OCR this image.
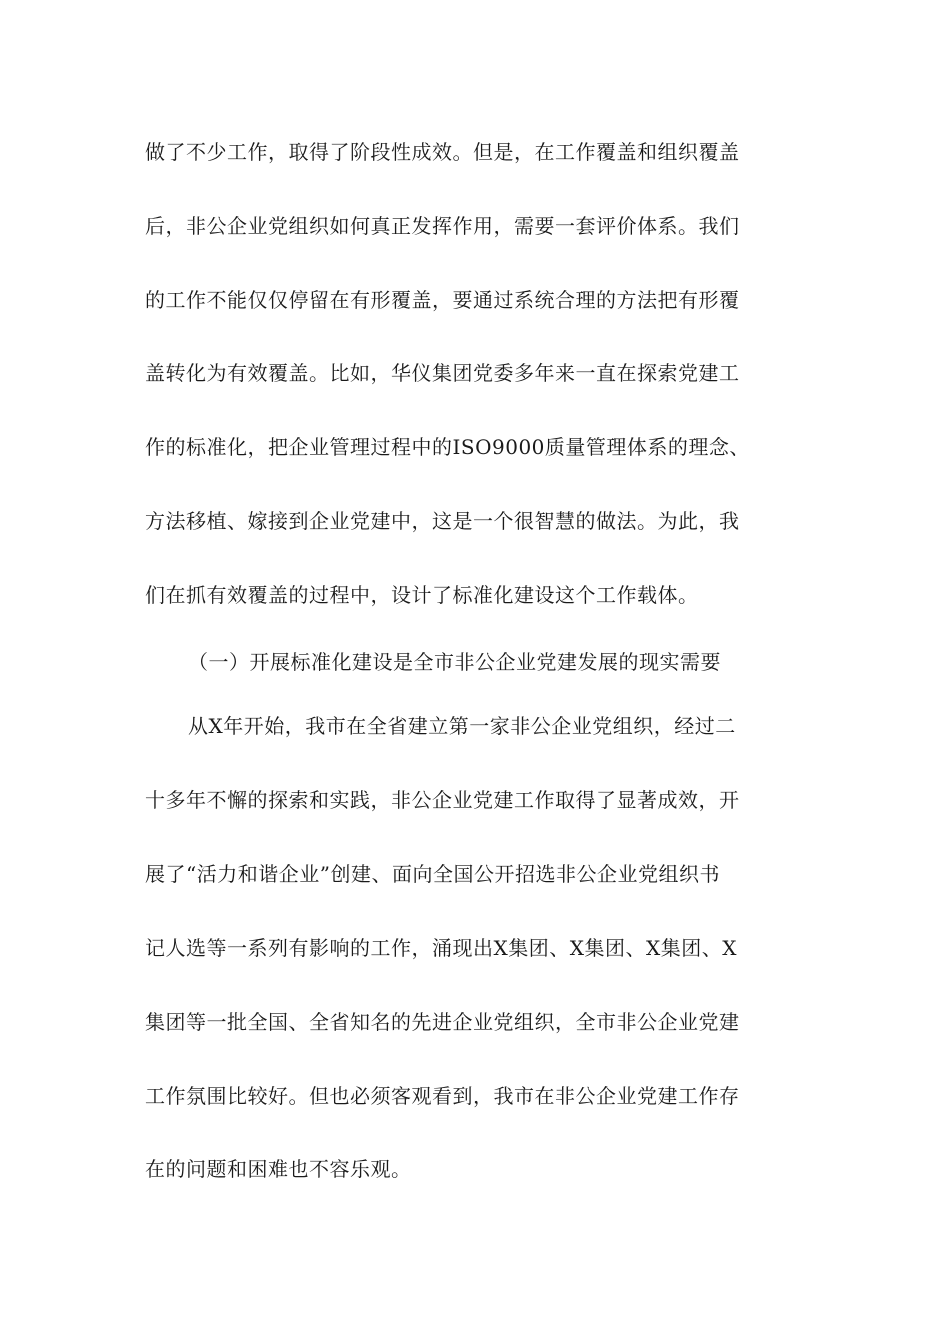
做了不少工作，取得了阶段性成效。但是，在工作覆盖和组织覆盖
后，非公企业党组织如何真正发挥作用，需要一套评价体系。我们
的工作不能仅仅停留在有形覆盖，要通过系统合理的方法把有形覆
盖转化为有效覆盖。比如，华仪集团党委多年来一直在探索党建工
作的标准化，把企业管理过程中的ISO9000质量管理体系的理念、
方法移植、嫁接到企业党建中，这是一个很智慧的做法。为此，我
们在抓有效覆盖的过程中，设计了标准化建设这个工作载体。
（一）开展标准化建设是全市非公企业党建发展的现实需要
从X年开始，我市在全省建立第一家非公企业党组织，经过二
十多年不懈的探索和实践，非公企业党建工作取得了显著成效，开
展了“活力和谐企业”创建、面向全国公开招选非公企业党组织书
记人选等一系列有影响的工作，涌现出X集团、X集团、X集团、X
集团等一批全国、全省知名的先进企业党组织，全市非公企业党建
工作氛围比较好。但也必须客观看到，我市在非公企业党建工作存
在的问题和困难也不容乐观。
